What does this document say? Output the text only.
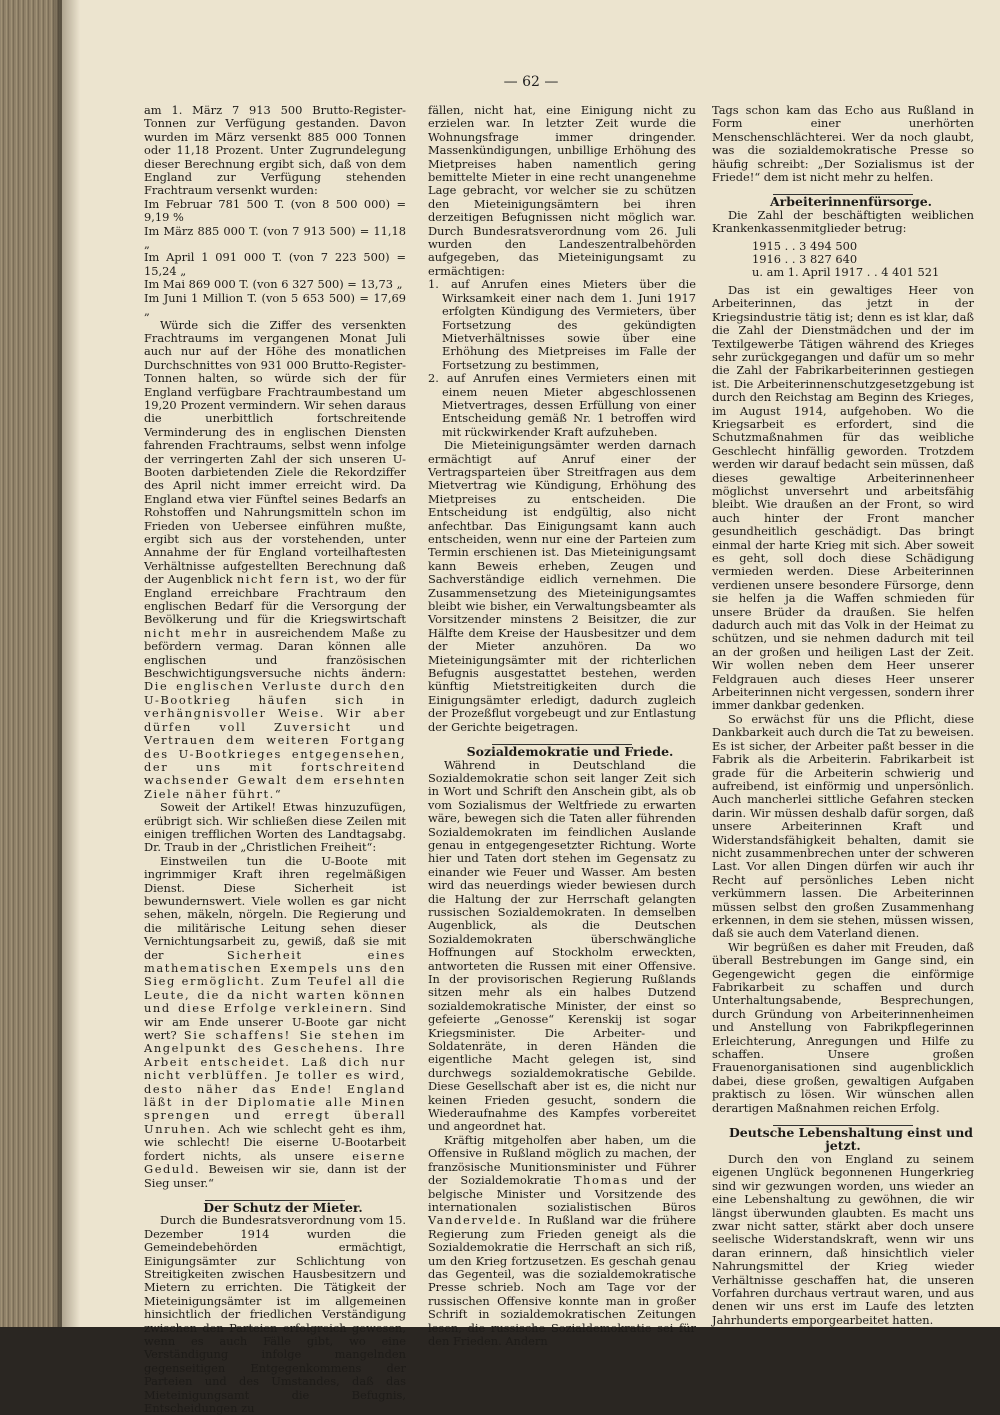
— 62 —

am 1. März 7 913 500 Brutto-Register-Tonnen zur Verfügung gestanden. Davon wurden im März versenkt 885 000 Tonnen oder 11,18 Prozent. Unter Zugrundelegung dieser Berechnung ergibt sich, daß von dem England zur Verfügung stehenden Frachtraum versenkt wurden:

Im Februar 781 500 T. (von 8 500 000) = 9,19 %

Im März 885 000 T. (von 7 913 500) = 11,18 „

Im April 1 091 000 T. (von 7 223 500) = 15,24 „

Im Mai 869 000 T. (von 6 327 500) = 13,73 „

Im Juni 1 Million T. (von 5 653 500) = 17,69 „

Würde sich die Ziffer des versenkten Frachtraums im vergangenen Monat Juli auch nur auf der Höhe des monatlichen Durchschnittes von 931 000 Brutto-Register-Tonnen halten, so würde sich der für England verfügbare Frachtraumbestand um 19,20 Prozent vermindern. Wir sehen daraus die unerbittlich fortschreitende Verminderung des in englischen Diensten fahrenden Frachtraums, selbst wenn infolge der verringerten Zahl der sich unseren U-Booten darbietenden Ziele die Rekordziffer des April nicht immer erreicht wird. Da England etwa vier Fünftel seines Bedarfs an Rohstoffen und Nahrungsmitteln schon im Frieden von Uebersee einführen mußte, ergibt sich aus der vorstehenden, unter Annahme der für England vorteilhaftesten Verhältnisse aufgestellten Berechnung daß der Augenblick nicht fern ist, wo der für England erreichbare Frachtraum den englischen Bedarf für die Versorgung der Bevölkerung und für die Kriegswirtschaft nicht mehr in ausreichendem Maße zu befördern vermag. Daran können alle englischen und französischen Beschwichtigungsversuche nichts ändern: Die englischen Verluste durch den U-Bootkrieg häufen sich in verhängnisvoller Weise. Wir aber dürfen voll Zuversicht und Vertrauen dem weiteren Fortgang des U-Bootkrieges entgegensehen, der uns mit fortschreitend wachsender Gewalt dem ersehnten Ziele näher führt.“

Soweit der Artikel! Etwas hinzuzufügen, erübrigt sich. Wir schließen diese Zeilen mit einigen trefflichen Worten des Landtagsabg. Dr. Traub in der „Christlichen Freiheit“:

Einstweilen tun die U-Boote mit ingrimmiger Kraft ihren regelmäßigen Dienst. Diese Sicherheit ist bewundernswert. Viele wollen es gar nicht sehen, mäkeln, nörgeln. Die Regierung und die militärische Leitung sehen dieser Vernichtungsarbeit zu, gewiß, daß sie mit der	Sicherheit eines mathematischen Exempels uns den Sieg ermöglicht. Zum Teufel all die Leute, die da nicht warten können und diese Erfolge verkleinern. Sind wir am Ende unserer U-Boote gar nicht wert? Sie schaffens! Sie stehen im Angelpunkt des Geschehens. Ihre Arbeit entscheidet. Laß dich nur nicht verblüffen. Je toller es wird, desto näher das Ende! England läßt in der Diplomatie alle Minen sprengen und erregt überall Unruhen. Ach wie schlecht geht es ihm, wie schlecht! Die eiserne U-Bootarbeit fordert nichts, als unsere eiserne Geduld. Beweisen wir sie, dann ist der Sieg unser.“

Der Schutz der Mieter.

Durch die Bundesratsverordnung vom 15. Dezember 1914 wurden die Gemeindebehörden ermächtigt, Einigungsämter zur Schlichtung von Streitigkeiten zwischen Hausbesitzern und Mietern zu errichten. Die Tätigkeit der Mieteinigungsämter ist im allgemeinen hinsichtlich der friedlichen Verständigung zwischen den Parteien erfolgreich gewesen, wenn es auch Fälle gibt, wo eine Verständigung infolge mangelnden gegenseitigen Entgegenkommens der Parteien und des Umstandes, daß das Mieteinigungsamt die Befugnis, Entscheidungen zu

fällen, nicht hat, eine Einigung nicht zu erzielen war. In letzter Zeit wurde die Wohnungsfrage immer dringender. Massenkündigungen, unbillige Erhöhung des Mietpreises haben namentlich gering bemittelte Mieter in eine recht unangenehme Lage gebracht, vor welcher sie zu schützen den Mieteinigungsämtern bei ihren derzeitigen Befugnissen nicht möglich war. Durch Bundesratsverordnung vom 26. Juli wurden den Landeszentralbehörden aufgegeben, das Mieteinigungsamt zu ermächtigen:

1. auf Anrufen eines Mieters über die Wirksamkeit einer nach dem 1. Juni 1917 erfolgten Kündigung des Vermieters, über Fortsetzung des gekündigten Mietverhältnisses sowie über eine Erhöhung des Mietpreises im Falle der Fortsetzung zu bestimmen,

2. auf Anrufen eines Vermieters einen mit einem neuen Mieter abgeschlossenen Mietvertrages, dessen Erfüllung von einer Entscheidung gemäß Nr. 1 betroffen wird mit rückwirkender Kraft aufzuheben.

Die Mieteinigungsämter werden darnach ermächtigt auf Anruf einer der Vertragsparteien über Streitfragen aus dem Mietvertrag wie Kündigung, Erhöhung des Mietpreises zu entscheiden. Die Entscheidung ist endgültig, also nicht anfechtbar. Das Einigungsamt kann auch entscheiden, wenn nur eine der Parteien zum Termin erschienen ist. Das Mieteinigungsamt kann Beweis erheben, Zeugen und Sachverständige eidlich vernehmen. Die Zusammensetzung des Mieteinigungsamtes bleibt wie bisher, ein Verwaltungsbeamter als Vorsitzender minstens 2 Beisitzer, die zur Hälfte dem Kreise der Hausbesitzer und dem der Mieter anzuhören. Da wo Mieteinigungsämter mit der richterlichen Befugnis ausgestattet bestehen, werden künftig Mietstreitigkeiten durch die Einigungsämter erledigt, dadurch zugleich der Prozeßflut vorgebeugt und zur Entlastung der Gerichte beigetragen.

Sozialdemokratie und Friede.

Während in Deutschland die Sozialdemokratie schon seit langer Zeit sich in Wort und Schrift den Anschein gibt, als ob vom Sozialismus der Weltfriede zu erwarten wäre, bewegen sich die Taten aller führenden Sozialdemokraten im feindlichen Auslande genau in entgegengesetzter Richtung. Worte hier und Taten dort stehen im Gegensatz zu einander wie Feuer und Wasser. Am besten wird das neuerdings wieder bewiesen durch die Haltung der zur Herrschaft gelangten russischen Sozialdemokraten. In demselben Augenblick, als die Deutschen Sozialdemokraten überschwängliche Hoffnungen auf Stockholm erweckten, antworteten die Russen mit einer Offensive. In der provisorischen Regierung Rußlands sitzen mehr als ein halbes Dutzend sozialdemokratische Minister, der einst so gefeierte „Genosse“ Kerenskij ist sogar Kriegsminister. Die Arbeiter- und Soldatenräte, in deren Händen die eigentliche Macht gelegen ist, sind durchwegs sozialdemokratische Gebilde. Diese Gesellschaft aber ist es, die nicht nur keinen Frieden gesucht, sondern die Wiederaufnahme des Kampfes vorbereitet und angeordnet hat.

Kräftig mitgeholfen aber haben, um die Offensive in Rußland möglich zu machen, der französische Munitionsminister und Führer der Sozialdemokratie Thomas und der belgische Minister und Vorsitzende des internationalen sozialistischen Büros Vandervelde. In Rußland war die frühere Regierung zum Frieden geneigt als die Sozialdemokratie die Herrschaft an sich riß, um den Krieg fortzusetzen. Es geschah genau das Gegenteil, was die sozialdemokratische Presse schrieb. Noch am Tage vor der russischen Offensive konnte man in großer Schrift in sozialdemokratischen Zeitungen lesen, die russische Sozialdemokratie sei für den Frieden. Andern

Tags schon kam das Echo aus Rußland in Form einer unerhörten Menschenschlächterei. Wer da noch glaubt, was die sozialdemokratische Presse so häufig schreibt: „Der Sozialismus ist der Friede!“ dem ist nicht mehr zu helfen.

Arbeiterinnenfürsorge.

Die Zahl der beschäftigten weiblichen Krankenkassenmitglieder betrug:

1915 . . 3 494 500

1916 . . 3 827 640

u. am 1. April 1917 . . 4 401 521

Das ist ein gewaltiges Heer von Arbeiterinnen, das jetzt in der Kriegsindustrie tätig ist; denn es ist klar, daß die Zahl der Dienstmädchen und der im Textilgewerbe Tätigen während des Krieges sehr zurückgegangen und dafür um so mehr die Zahl der Fabrikarbeiterinnen gestiegen ist. Die Arbeiterinnenschutzgesetzgebung ist durch den Reichstag am Beginn des Krieges, im August 1914, aufgehoben. Wo die Kriegsarbeit es erfordert, sind die Schutzmaßnahmen für das weibliche Geschlecht hinfällig geworden. Trotzdem werden wir darauf bedacht sein müssen, daß dieses gewaltige Arbeiterinnenheer möglichst unversehrt und arbeitsfähig bleibt. Wie draußen an der Front, so wird auch hinter der Front mancher gesundheitlich geschädigt. Das bringt einmal der harte Krieg mit sich. Aber soweit es geht, soll doch diese Schädigung vermieden werden. Diese Arbeiterinnen verdienen unsere besondere Fürsorge, denn sie helfen ja die Waffen schmieden für unsere Brüder da draußen. Sie helfen dadurch auch mit das Volk in der Heimat zu schützen, und sie nehmen dadurch mit teil an der großen und heiligen Last der Zeit. Wir wollen neben dem Heer unserer Feldgrauen auch dieses Heer unserer Arbeiterinnen nicht vergessen, sondern ihrer immer dankbar gedenken.

So erwächst für uns die Pflicht, diese Dankbarkeit auch durch die Tat zu beweisen. Es ist sicher, der Arbeiter paßt besser in die Fabrik als die Arbeiterin. Fabrikarbeit ist grade für die Arbeiterin schwierig und aufreibend, ist einförmig und unpersönlich. Auch mancherlei sittliche Gefahren stecken darin. Wir müssen deshalb dafür sorgen, daß unsere Arbeiterinnen Kraft und Widerstandsfähigkeit behalten, damit sie nicht zusammenbrechen unter der schweren Last. Vor allen Dingen dürfen wir auch ihr Recht auf persönliches Leben nicht verkümmern lassen. Die Arbeiterinnen müssen selbst den großen Zusammenhang erkennen, in dem sie stehen, müssen wissen, daß sie auch dem Vaterland dienen.

Wir begrüßen es daher mit Freuden, daß überall Bestrebungen im Gange sind, ein Gegengewicht gegen die einförmige Fabrikarbeit zu schaffen und durch Unterhaltungsabende, Besprechungen, durch Gründung von Arbeiterinnenheimen und Anstellung von Fabrikpflegerinnen Erleichterung, Anregungen und Hilfe zu schaffen. Unsere großen Frauenorganisationen sind augenblicklich dabei, diese großen, gewaltigen Aufgaben praktisch zu lösen. Wir wünschen allen derartigen Maßnahmen reichen Erfolg.

Deutsche Lebenshaltung einst und jetzt.

Durch den von England zu seinem eigenen Unglück begonnenen Hungerkrieg sind wir gezwungen worden, uns wieder an eine Lebenshaltung zu gewöhnen, die wir längst überwunden glaubten. Es macht uns zwar nicht satter, stärkt aber doch unsere seelische Widerstandskraft, wenn wir uns daran erinnern, daß hinsichtlich vieler Nahrungsmittel der Krieg wieder Verhältnisse geschaffen hat, die unseren Vorfahren durchaus vertraut waren, und aus denen wir uns erst im Laufe des letzten Jahrhunderts emporgearbeitet hatten.
